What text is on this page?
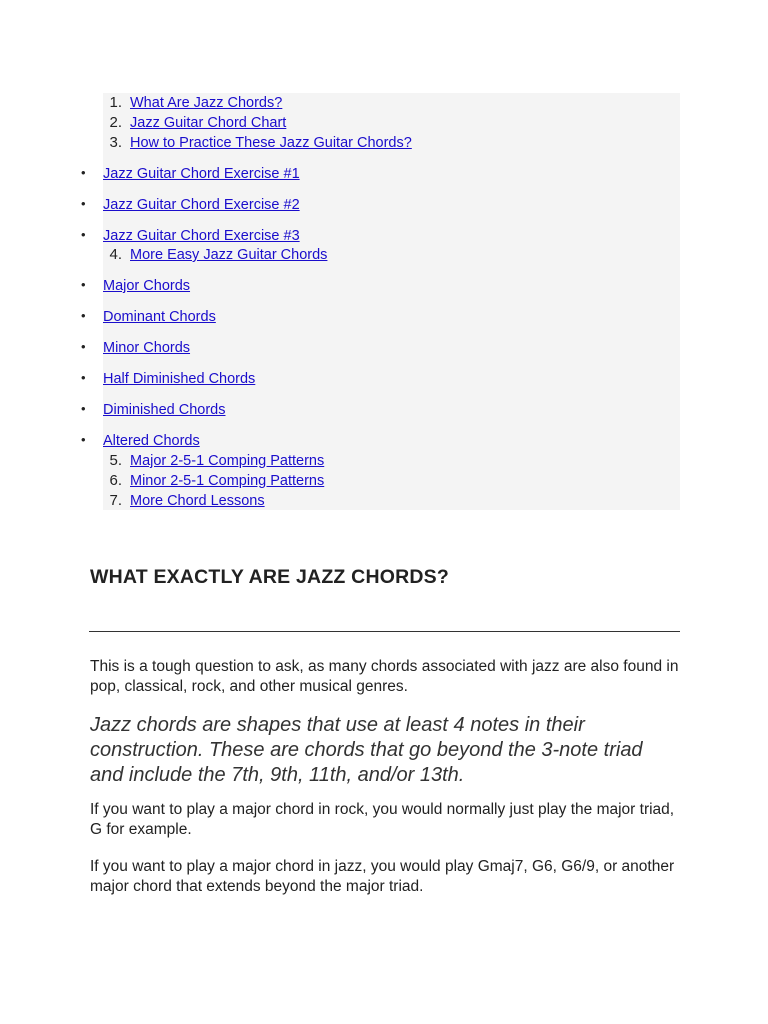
1. What Are Jazz Chords?
2. Jazz Guitar Chord Chart
3. How to Practice These Jazz Guitar Chords?
• Jazz Guitar Chord Exercise #1
• Jazz Guitar Chord Exercise #2
• Jazz Guitar Chord Exercise #3
4. More Easy Jazz Guitar Chords
• Major Chords
• Dominant Chords
• Minor Chords
• Half Diminished Chords
• Diminished Chords
• Altered Chords
5. Major 2-5-1 Comping Patterns
6. Minor 2-5-1 Comping Patterns
7. More Chord Lessons
WHAT EXACTLY ARE JAZZ CHORDS?

This is a tough question to ask, as many chords associated with jazz are also found in pop, classical, rock, and other musical genres.

Jazz chords are shapes that use at least 4 notes in their construction. These are chords that go beyond the 3-note triad and include the 7th, 9th, 11th, and/or 13th.

If you want to play a major chord in rock, you would normally just play the major triad, G for example.

If you want to play a major chord in jazz, you would play Gmaj7, G6, G6/9, or another major chord that extends beyond the major triad.
